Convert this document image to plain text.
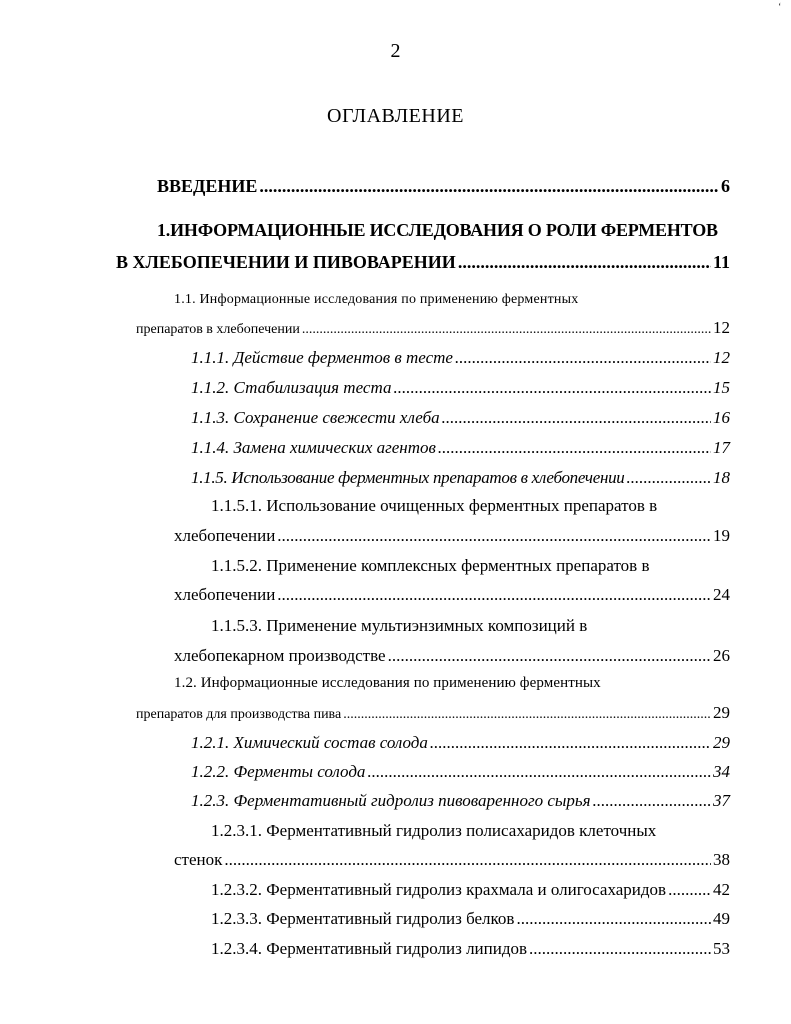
‘
2
ОГЛАВЛЕНИЕ
ВВЕДЕНИЕ .....	6
1.ИНФОРМАЦИОННЫЕ ИССЛЕДОВАНИЯ О РОЛИ ФЕРМЕНТОВ
В ХЛЕБОПЕЧЕНИИ И ПИВОВАРЕНИИ .....	11
1.1. Информационные исследования по применению ферментных
препаратов в хлебопечении .....	12
1.1.1. Действие ферментов в тесте .....	12
1.1.2. Стабилизация теста .....	15
1.1.3. Сохранение свежести хлеба .....	16
1.1.4. Замена химических агентов .....	17
1.1.5. Использование ферментных препаратов в хлебопечении .....	18
1.1.5.1. Использование очищенных ферментных препаратов в
хлебопечении .....	19
1.1.5.2. Применение комплексных ферментных препаратов в
хлебопечении .....	24
1.1.5.3. Применение мультиэнзимных композиций в
хлебопекарном производстве .....	26
1.2. Информационные исследования по применению ферментных
препаратов для производства пива .....	29
1.2.1. Химический состав солода .....	29
1.2.2. Ферменты солода .....	34
1.2.3. Ферментативный гидролиз пивоваренного сырья .....	37
1.2.3.1. Ферментативный гидролиз полисахаридов клеточных
стенок .....	38
1.2.3.2. Ферментативный гидролиз крахмала и олигосахаридов .....	42
1.2.3.3. Ферментативный гидролиз белков .....	49
1.2.3.4. Ферментативный гидролиз липидов .....	53
